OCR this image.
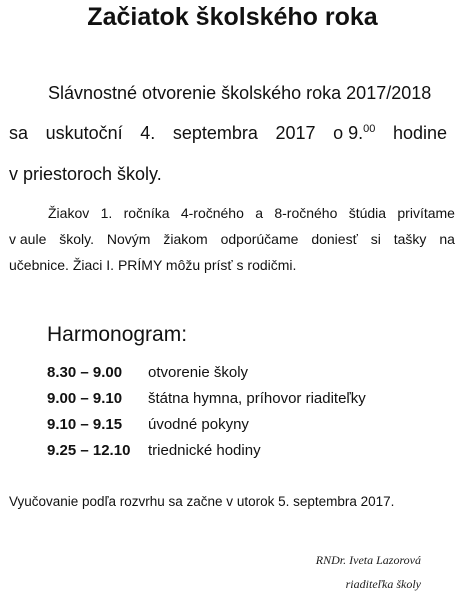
Začiatok školského roka
Slávnostné otvorenie školského roka 2017/2018
sa uskutoční 4. septembra 2017 o 9.00 hodine
v priestoroch školy.
Žiakov 1. ročníka 4-ročného a 8-ročného štúdia privítame
v aule školy. Novým žiakom odporúčame doniesť si tašky na
učebnice. Žiaci I. PRÍMY môžu prísť s rodičmi.
Harmonogram:
8.30 – 9.00 otvorenie školy
9.00 – 9.10 štátna hymna, príhovor riaditeľky
9.10 – 9.15 úvodné pokyny
9.25 – 12.10 triednické hodiny
Vyučovanie podľa rozvrhu sa začne v utorok 5. septembra 2017.
RNDr. Iveta Lazorová
riaditeľka školy
